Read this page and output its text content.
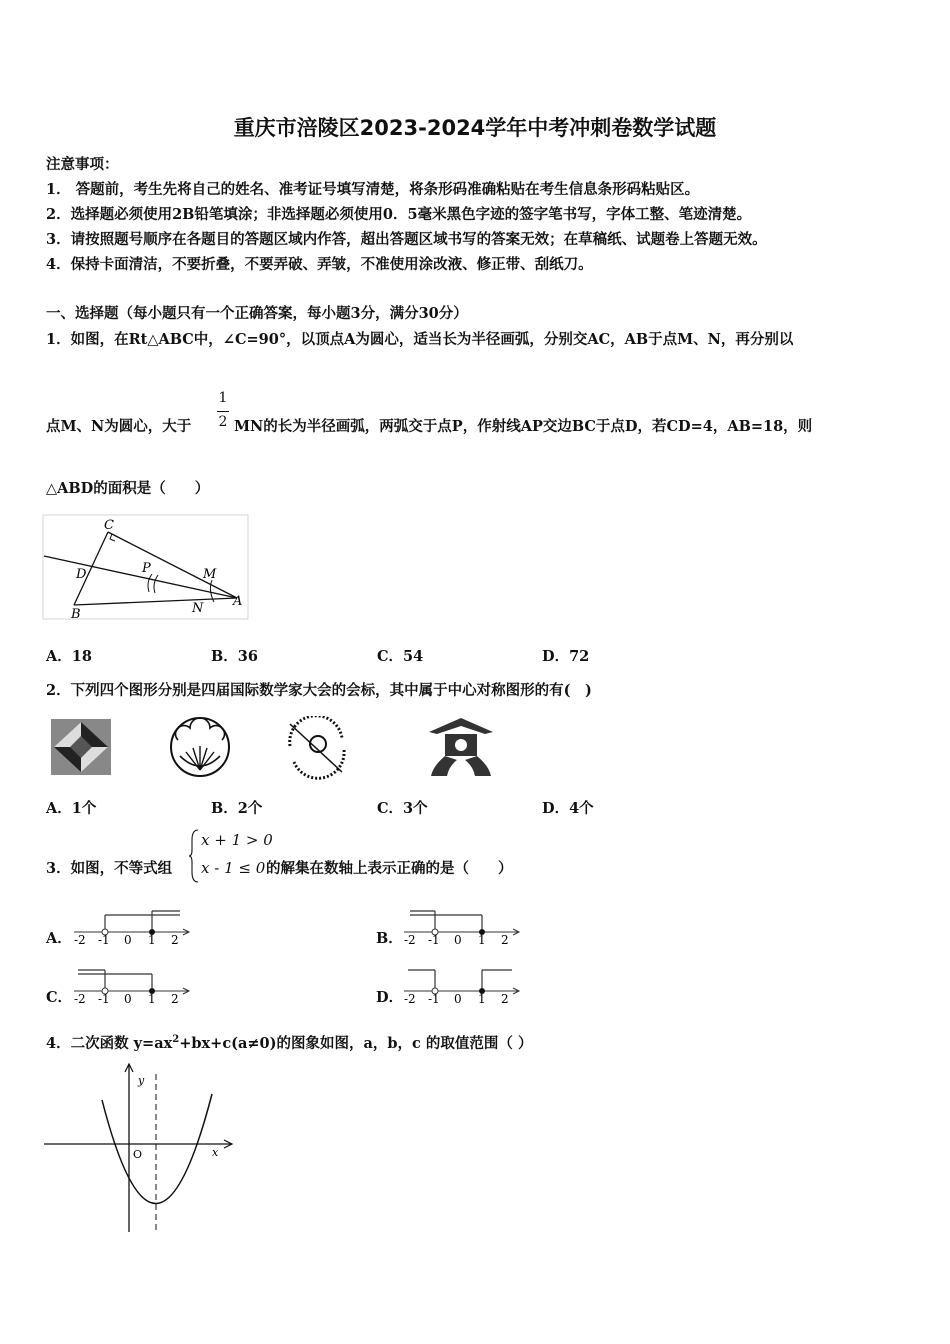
重庆市涪陵区2023-2024学年中考冲刺卷数学试题
注意事项：
1． 答题前，考生先将自己的姓名、准考证号填写清楚，将条形码准确粘贴在考生信息条形码粘贴区。
2．选择题必须使用2B铅笔填涂；非选择题必须使用0．5毫米黑色字迹的签字笔书写，字体工整、笔迹清楚。
3．请按照题号顺序在各题目的答题区域内作答，超出答题区域书写的答案无效；在草稿纸、试题卷上答题无效。
4．保持卡面清洁，不要折叠，不要弄破、弄皱，不准使用涂改液、修正带、刮纸刀。
一、选择题（每小题只有一个正确答案，每小题3分，满分30分）
1．如图，在Rt△ABC中，∠C=90°，以顶点A为圆心，适当长为半径画弧，分别交AC，AB于点M、N，再分别以
点M、N为圆心，大于
1
2 MN的长为半径画弧，两弧交于点P，作射线AP交边BC于点D，若CD=4，AB=18，则
△ABD的面积是（　　）
C
D	P	M
B	N A
A．18	B．36	C．54	D．72
2．下列四个图形分别是四届国际数学家大会的会标，其中属于中心对称图形的有(　)
A．1个	B．2个	C．3个	D．4个
3．如图，不等式组
x + 1 > 0
x - 1 ≤ 0 的解集在数轴上表示正确的是（　　）
A． -2 -1 0 1 2	B． -2 -1 0 1 2
C． -2 -1 0 1 2	D． -2 -1 0 1 2
4．二次函数 $y=ax^2+bx+c(a\ne 0)$的图象如图，a，b，c 的取值范围（ ）
y
x
O
